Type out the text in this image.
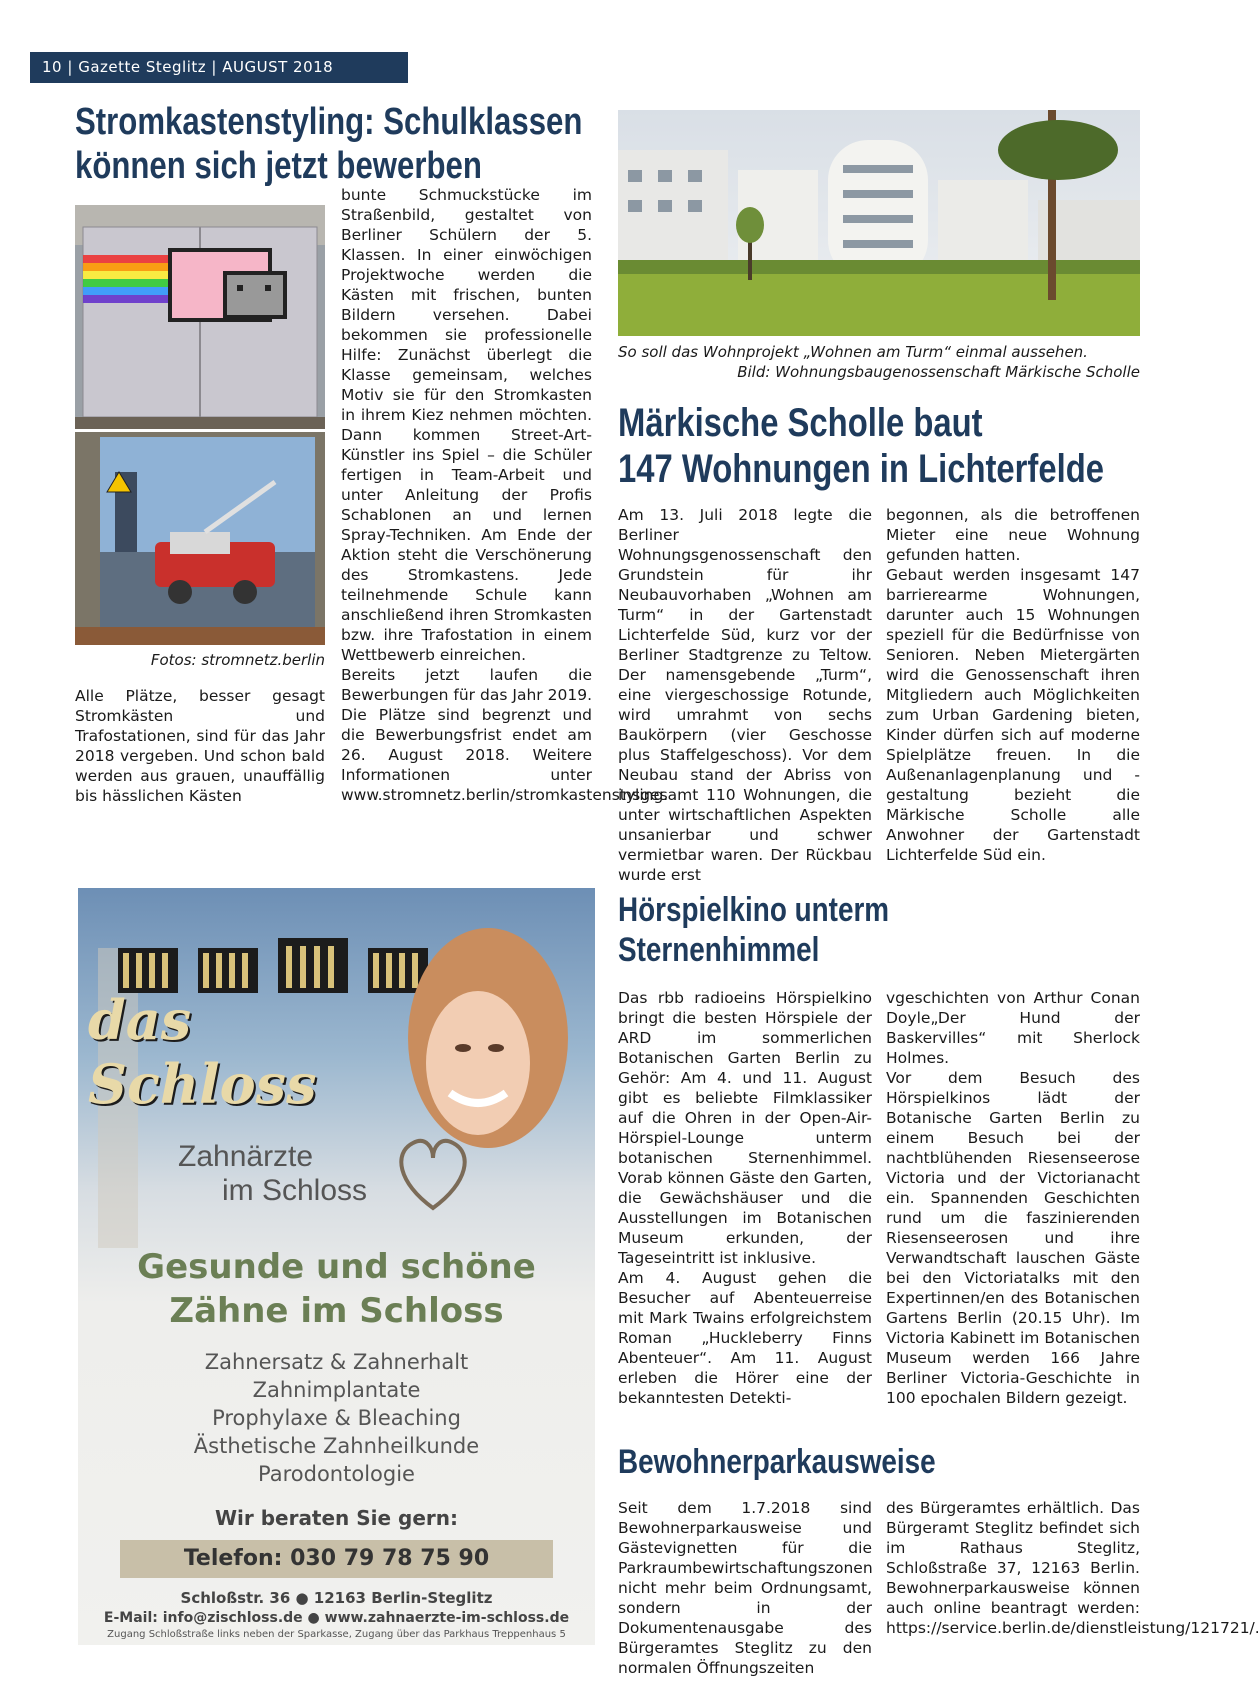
10 | Gazette Steglitz | AUGUST 2018
Stromkastenstyling: Schulklassen
können sich jetzt bewerben
Fotos: stromnetz.berlin
Alle Plätze, besser gesagt Stromkästen und Trafostationen, sind für das Jahr 2018 vergeben. Und schon bald werden aus grauen, unauffällig bis hässlichen Kästen

bunte Schmuckstücke im Straßenbild, gestaltet von Berliner Schülern der 5. Klassen. In einer einwöchigen Projektwoche werden die Kästen mit frischen, bunten Bildern versehen. Dabei bekommen sie professionelle Hilfe: Zunächst überlegt die Klasse gemeinsam, welches Motiv sie für den Stromkasten in ihrem Kiez nehmen möchten. Dann kommen Street-Art-Künstler ins Spiel – die Schüler fertigen in Team-Arbeit und unter Anleitung der Profis Schablonen an und lernen Spray-Techniken. Am Ende der Aktion steht die Verschönerung des Stromkastens. Jede teilnehmende Schule kann anschließend ihren Stromkasten bzw. ihre Trafostation in einem Wettbewerb einreichen.

Bereits jetzt laufen die Bewerbungen für das Jahr 2019. Die Plätze sind begrenzt und die Bewerbungsfrist endet am 26. August 2018. Weitere Informationen unter www.stromnetz.berlin/stromkastenstyling.

So soll das Wohnprojekt „Wohnen am Turm“ einmal aussehen.
Bild: Wohnungsbaugenossenschaft Märkische Scholle
Märkische Scholle baut
147 Wohnungen in Lichterfelde
Am 13. Juli 2018 legte die Berliner Wohnungsgenossenschaft den Grundstein für ihr Neubauvorhaben „Wohnen am Turm“ in der Gartenstadt Lichterfelde Süd, kurz vor der Berliner Stadtgrenze zu Teltow. Der namensgebende „Turm“, eine viergeschossige Rotunde, wird umrahmt von sechs Baukörpern (vier Geschosse plus Staffelgeschoss). Vor dem Neubau stand der Abriss von insgesamt 110 Wohnungen, die unter wirtschaftlichen Aspekten unsanierbar und schwer vermietbar waren. Der Rückbau wurde erst

begonnen, als die betroffenen Mieter eine neue Wohnung gefunden hatten.

Gebaut werden insgesamt 147 barrierearme Wohnungen, darunter auch 15 Wohnungen speziell für die Bedürfnisse von Senioren. Neben Mietergärten wird die Genossenschaft ihren Mitgliedern auch Möglichkeiten zum Urban Gardening bieten, Kinder dürfen sich auf moderne Spielplätze freuen. In die Außenanlagenplanung und -gestaltung bezieht die Märkische Scholle alle Anwohner der Gartenstadt Lichterfelde Süd ein.

Hörspielkino unterm
Sternenhimmel

Das rbb radioeins Hörspielkino bringt die besten Hörspiele der ARD im sommerlichen Botanischen Garten Berlin zu Gehör: Am 4. und 11. August gibt es beliebte Filmklassiker auf die Ohren in der Open-Air-Hörspiel-Lounge unterm botanischen Sternenhimmel. Vorab können Gäste den Garten, die Gewächshäuser und die Ausstellungen im Botanischen Museum erkunden, der Tageseintritt ist inklusive.

Am 4. August gehen die Besucher auf Abenteuerreise mit Mark Twains erfolgreichstem Roman „Huckleberry Finns Abenteuer“. Am 11. August erleben die Hörer eine der bekanntesten Detekti-

vgeschichten von Arthur Conan Doyle„Der Hund der Baskervilles“ mit Sherlock Holmes.

Vor dem Besuch des Hörspielkinos lädt der Botanische Garten Berlin zu einem Besuch bei der nachtblühenden Riesenseerose Victoria und der Victorianacht ein. Spannenden Geschichten rund um die faszinierenden Riesenseerosen und ihre Verwandtschaft lauschen Gäste bei den Victoriatalks mit den Expertinnen/en des Botanischen Gartens Berlin (20.15 Uhr). Im Victoria Kabinett im Botanischen Museum werden 166 Jahre Berliner Victoria-Geschichte in 100 epochalen Bildern gezeigt.

Bewohnerparkausweise
Seit dem 1.7.2018 sind Bewohnerparkausweise und Gästevignetten für die Parkraumbewirtschaftungszonen nicht mehr beim Ordnungsamt, sondern in der Dokumentenausgabe des Bürgeramtes Steglitz zu den normalen Öffnungszeiten
des Bürgeramtes erhältlich. Das Bürgeramt Steglitz befindet sich im Rathaus Steglitz, Schloßstraße 37, 12163 Berlin. Bewohnerparkausweise können auch online beantragt werden: https://service.berlin.de/dienstleistung/121721/.
das Schloss
Zahnärzte
im Schloss
Gesunde und schöne
Zähne im Schloss
Zahnersatz & Zahnerhalt
Zahnimplantate
Prophylaxe & Bleaching
Ästhetische Zahnheilkunde
Parodontologie
Wir beraten Sie gern:
Telefon: 030 79 78 75 90
Schloßstr. 36 ● 12163 Berlin-Steglitz
E-Mail: info@zischloss.de ● www.zahnaerzte-im-schloss.de
Zugang Schloßstraße links neben der Sparkasse, Zugang über das Parkhaus Treppenhaus 5
